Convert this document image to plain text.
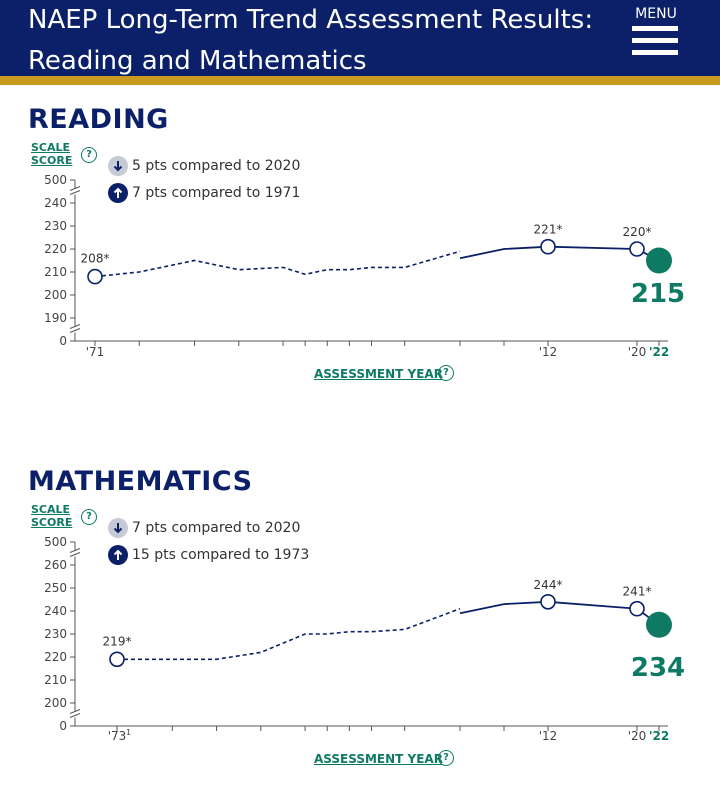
NAEP Long-Term Trend Assessment Results:
Reading and Mathematics
MENU
READING
SCALE
SCORE	?
5 pts compared to 2020
7 pts compared to 1971
500
240
230
220
210
200
190
0
'71	'12	'20 '22
208*
221*	220*
215
ASSESSMENT YEAR ?
MATHEMATICS
SCALE
SCORE	?
7 pts compared to 2020
15 pts compared to 1973
500
260
250
240
230
220
210
200
0
'73 1	'12	'20 '22
219*
244*	241*
234
ASSESSMENT YEAR ?
